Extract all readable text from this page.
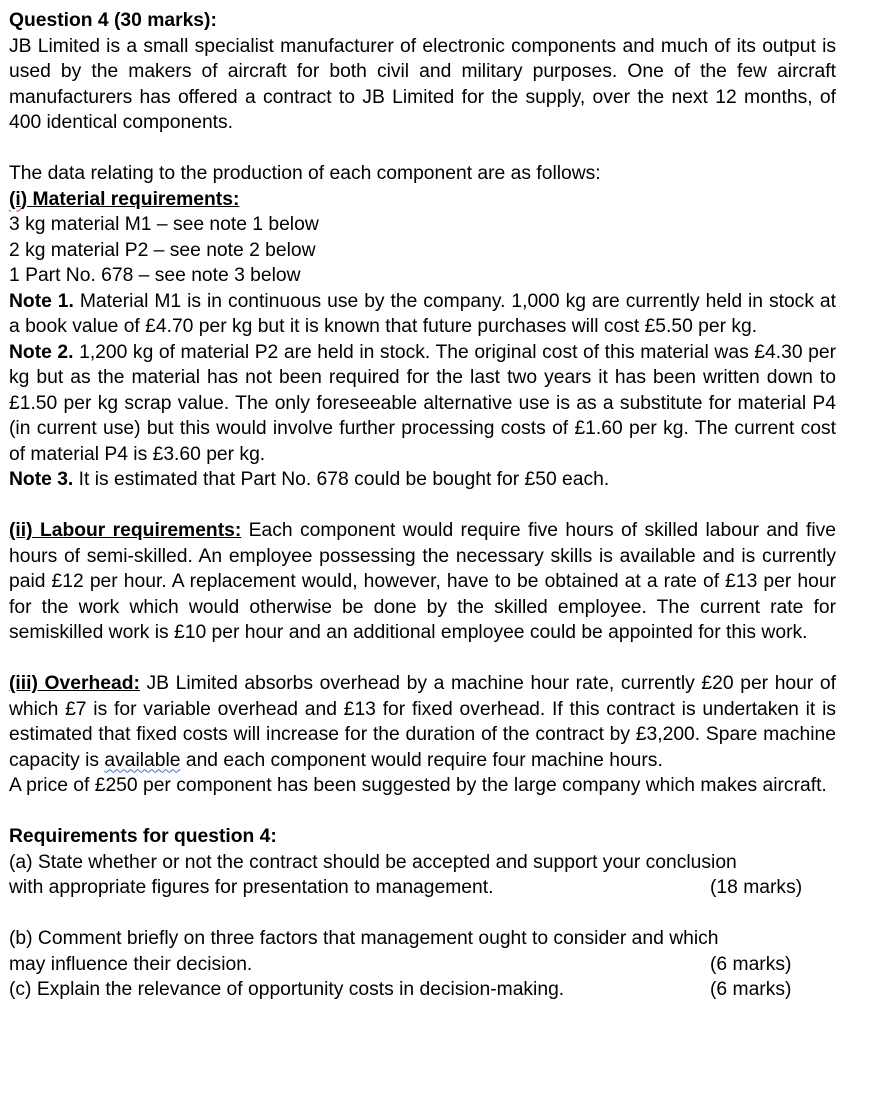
Question 4 (30 marks):

JB Limited is a small specialist manufacturer of electronic components and much of its output is used by the makers of aircraft for both civil and military purposes. One of the few aircraft manufacturers has offered a contract to JB Limited for the supply, over the next 12 months, of 400 identical components.

The data relating to the production of each component are as follows:

(i) Material requirements:

3 kg material M1 – see note 1 below

2 kg material P2 – see note 2 below

1 Part No. 678 – see note 3 below

Note 1. Material M1 is in continuous use by the company. 1,000 kg are currently held in stock at a book value of £4.70 per kg but it is known that future purchases will cost £5.50 per kg.

Note 2. 1,200 kg of material P2 are held in stock. The original cost of this material was £4.30 per kg but as the material has not been required for the last two years it has been written down to £1.50 per kg scrap value. The only foreseeable alternative use is as a substitute for material P4 (in current use) but this would involve further processing costs of £1.60 per kg. The current cost of material P4 is £3.60 per kg.

Note 3. It is estimated that Part No. 678 could be bought for £50 each.

(ii) Labour requirements: Each component would require five hours of skilled labour and five hours of semi-skilled. An employee possessing the necessary skills is available and is currently paid £12 per hour. A replacement would, however, have to be obtained at a rate of £13 per hour for the work which would otherwise be done by the skilled employee. The current rate for semiskilled work is £10 per hour and an additional employee could be appointed for this work.

(iii) Overhead: JB Limited absorbs overhead by a machine hour rate, currently £20 per hour of which £7 is for variable overhead and £13 for fixed overhead. If this contract is undertaken it is estimated that fixed costs will increase for the duration of the contract by £3,200. Spare machine capacity is available and each component would require four machine hours.

A price of £250 per component has been suggested by the large company which makes aircraft.

Requirements for question 4:

(a) State whether or not the contract should be accepted and support your conclusion

with appropriate figures for presentation to management.	(18 marks)

(b) Comment briefly on three factors that management ought to consider and which

may influence their decision.	(6 marks)
(c) Explain the relevance of opportunity costs in decision-making.	(6 marks)
